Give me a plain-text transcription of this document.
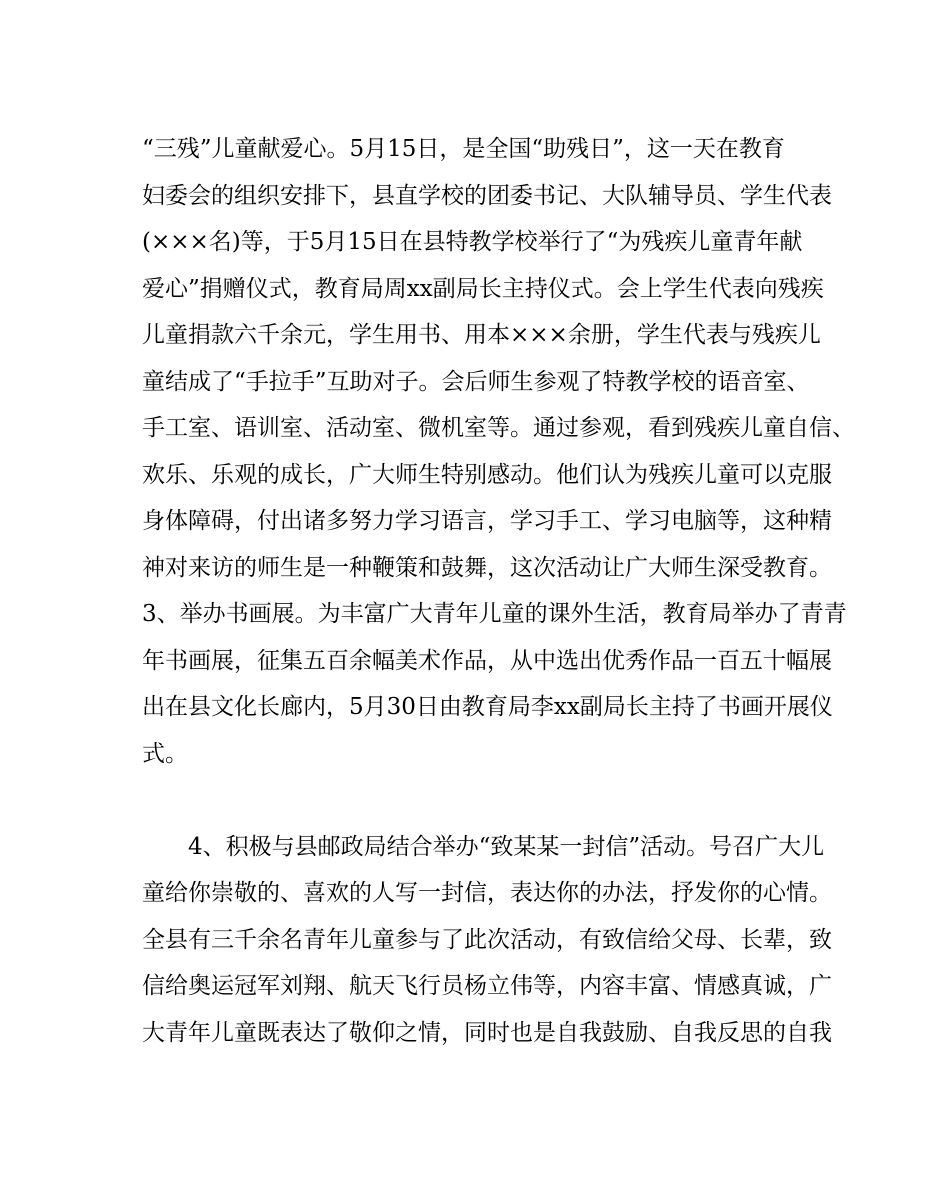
“三残”儿童献爱心。5月15日，是全国“助残日”，这一天在教育
妇委会的组织安排下，县直学校的团委书记、大队辅导员、学生代表
(×××名)等，于5月15日在县特教学校举行了“为残疾儿童青年献
爱心”捐赠仪式，教育局周xx副局长主持仪式。会上学生代表向残疾
儿童捐款六千余元，学生用书、用本×××余册，学生代表与残疾儿
童结成了“手拉手”互助对子。会后师生参观了特教学校的语音室、
手工室、语训室、活动室、微机室等。通过参观，看到残疾儿童自信、
欢乐、乐观的成长，广大师生特别感动。他们认为残疾儿童可以克服
身体障碍，付出诸多努力学习语言，学习手工、学习电脑等，这种精
神对来访的师生是一种鞭策和鼓舞，这次活动让广大师生深受教育。
3、举办书画展。为丰富广大青年儿童的课外生活，教育局举办了青青
年书画展，征集五百余幅美术作品，从中选出优秀作品一百五十幅展
出在县文化长廊内，5月30日由教育局李xx副局长主持了书画开展仪
式。
4、积极与县邮政局结合举办“致某某一封信”活动。号召广大儿
童给你崇敬的、喜欢的人写一封信，表达你的办法，抒发你的心情。
全县有三千余名青年儿童参与了此次活动，有致信给父母、长辈，致
信给奥运冠军刘翔、航天飞行员杨立伟等，内容丰富、情感真诚，广
大青年儿童既表达了敬仰之情，同时也是自我鼓励、自我反思的自我
